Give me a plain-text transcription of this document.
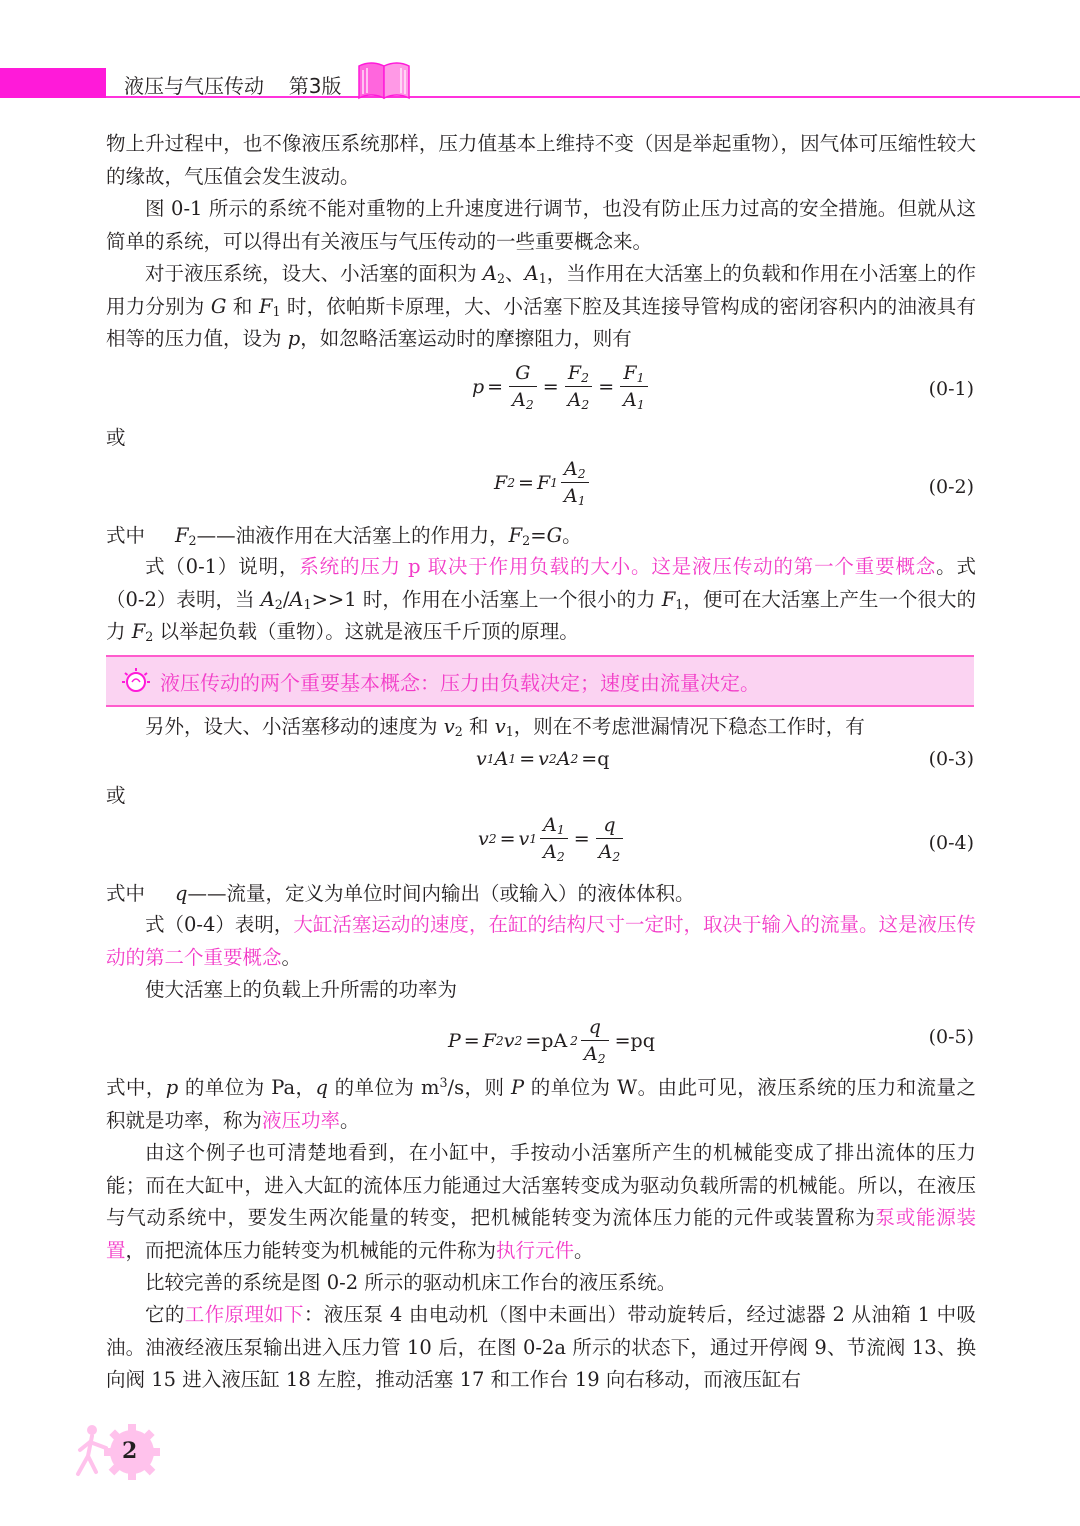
液压与气压传动 第3版

物上升过程中，也不像液压系统那样，压力值基本上维持不变（因是举起重物），因气体可压缩性较大的缘故，气压值会发生波动。

图 0-1 所示的系统不能对重物的上升速度进行调节，也没有防止压力过高的安全措施。但就从这简单的系统，可以得出有关液压与气压传动的一些重要概念来。

对于液压系统，设大、小活塞的面积为 $A_2$、$A_1$，当作用在大活塞上的负载和作用在小活塞上的作用力分别为 G 和 $F_1$ 时，依帕斯卡原理，大、小活塞下腔及其连接导管构成的密闭容积内的油液具有相等的压力值，设为 p，如忽略活塞运动时的摩擦阻力，则有

$p = \frac{G}{A_2} = \frac{F_2}{A_2} = \frac{F_1}{A_1}$	(0-1)
或
F 2 = F $1 \frac{A_2}{A_1}$	(0-2)
式中 $F_2——$油液作用在大活塞上的作用力，$F_2=G$。

式（0-1）说明，系统的压力 p 取决于作用负载的大小。这是液压传动的第一个重要概念。式（0-2）表明，当 $A_2/A_1>>1$ 时，作用在小活塞上一个很小的力 $F_1$，便可在大活塞上产生一个很大的力 $F_2$ 以举起负载（重物）。这就是液压千斤顶的原理。

液压传动的两个重要基本概念：压力由负载决定；速度由流量决定。

另外，设大、小活塞移动的速度为 $v_2$ 和 $v_1$，则在不考虑泄漏情况下稳态工作时，有

v 1 A 1 = v 2 A 2 =q	(0-3)
或
v 2 = v $1 \frac{A_1}{A_2} = \frac{q}{A_2}$	(0-4)
式中 q——流量，定义为单位时间内输出（或输入）的液体体积。

式（0-4）表明，大缸活塞运动的速度，在缸的结构尺寸一定时，取决于输入的流量。这是液压传动的第二个重要概念。

使大活塞上的负载上升所需的功率为

P = F 2 v 2 =pA $2 \frac{q}{A_2} =pq$	(0-5)

式中，p 的单位为 Pa，q 的单位为 $m^3/s$，则 P 的单位为 W。由此可见，液压系统的压力和流量之积就是功率，称为液压功率。

由这个例子也可清楚地看到，在小缸中，手按动小活塞所产生的机械能变成了排出流体的压力能；而在大缸中，进入大缸的流体压力能通过大活塞转变成为驱动负载所需的机械能。所以，在液压与气动系统中，要发生两次能量的转变，把机械能转变为流体压力能的元件或装置称为泵或能源装置，而把流体压力能转变为机械能的元件称为执行元件。

比较完善的系统是图 0-2 所示的驱动机床工作台的液压系统。

它的工作原理如下：液压泵 4 由电动机（图中未画出）带动旋转后，经过滤器 2 从油箱 1 中吸油。油液经液压泵输出进入压力管 10 后，在图 0-2a 所示的状态下，通过开停阀 9、节流阀 13、换向阀 15 进入液压缸 18 左腔，推动活塞 17 和工作台 19 向右移动，而液压缸右

2
